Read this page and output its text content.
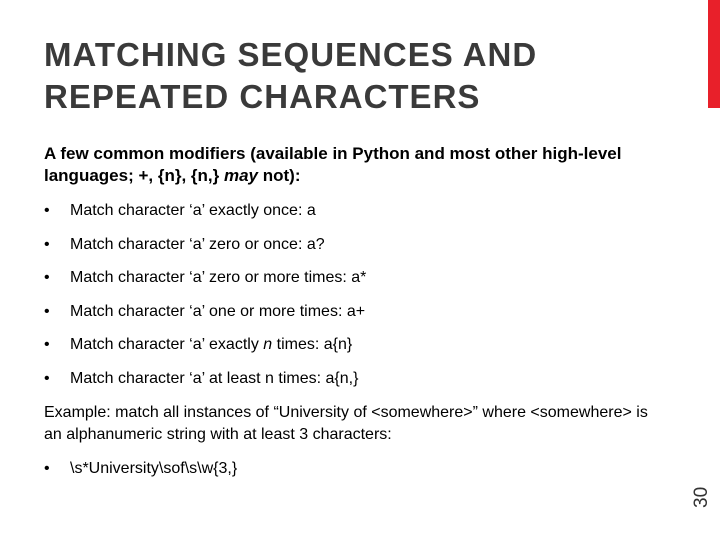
MATCHING SEQUENCES AND
REPEATED CHARACTERS
A few common modifiers (available in Python and most other high-level languages; +, {n}, {n,} may not):
• Match character ‘a’ exactly once: a
• Match character ‘a’ zero or once: a?
• Match character ‘a’ zero or more times: a*
• Match character ‘a’ one or more times: a+
• Match character ‘a’ exactly n times: a{n}
• Match character ‘a’ at least n times: a{n,}
Example: match all instances of “University of <somewhere>” where <somewhere> is an alphanumeric string with at least 3 characters:
• \s*University\sof\s\w{3,}
30
